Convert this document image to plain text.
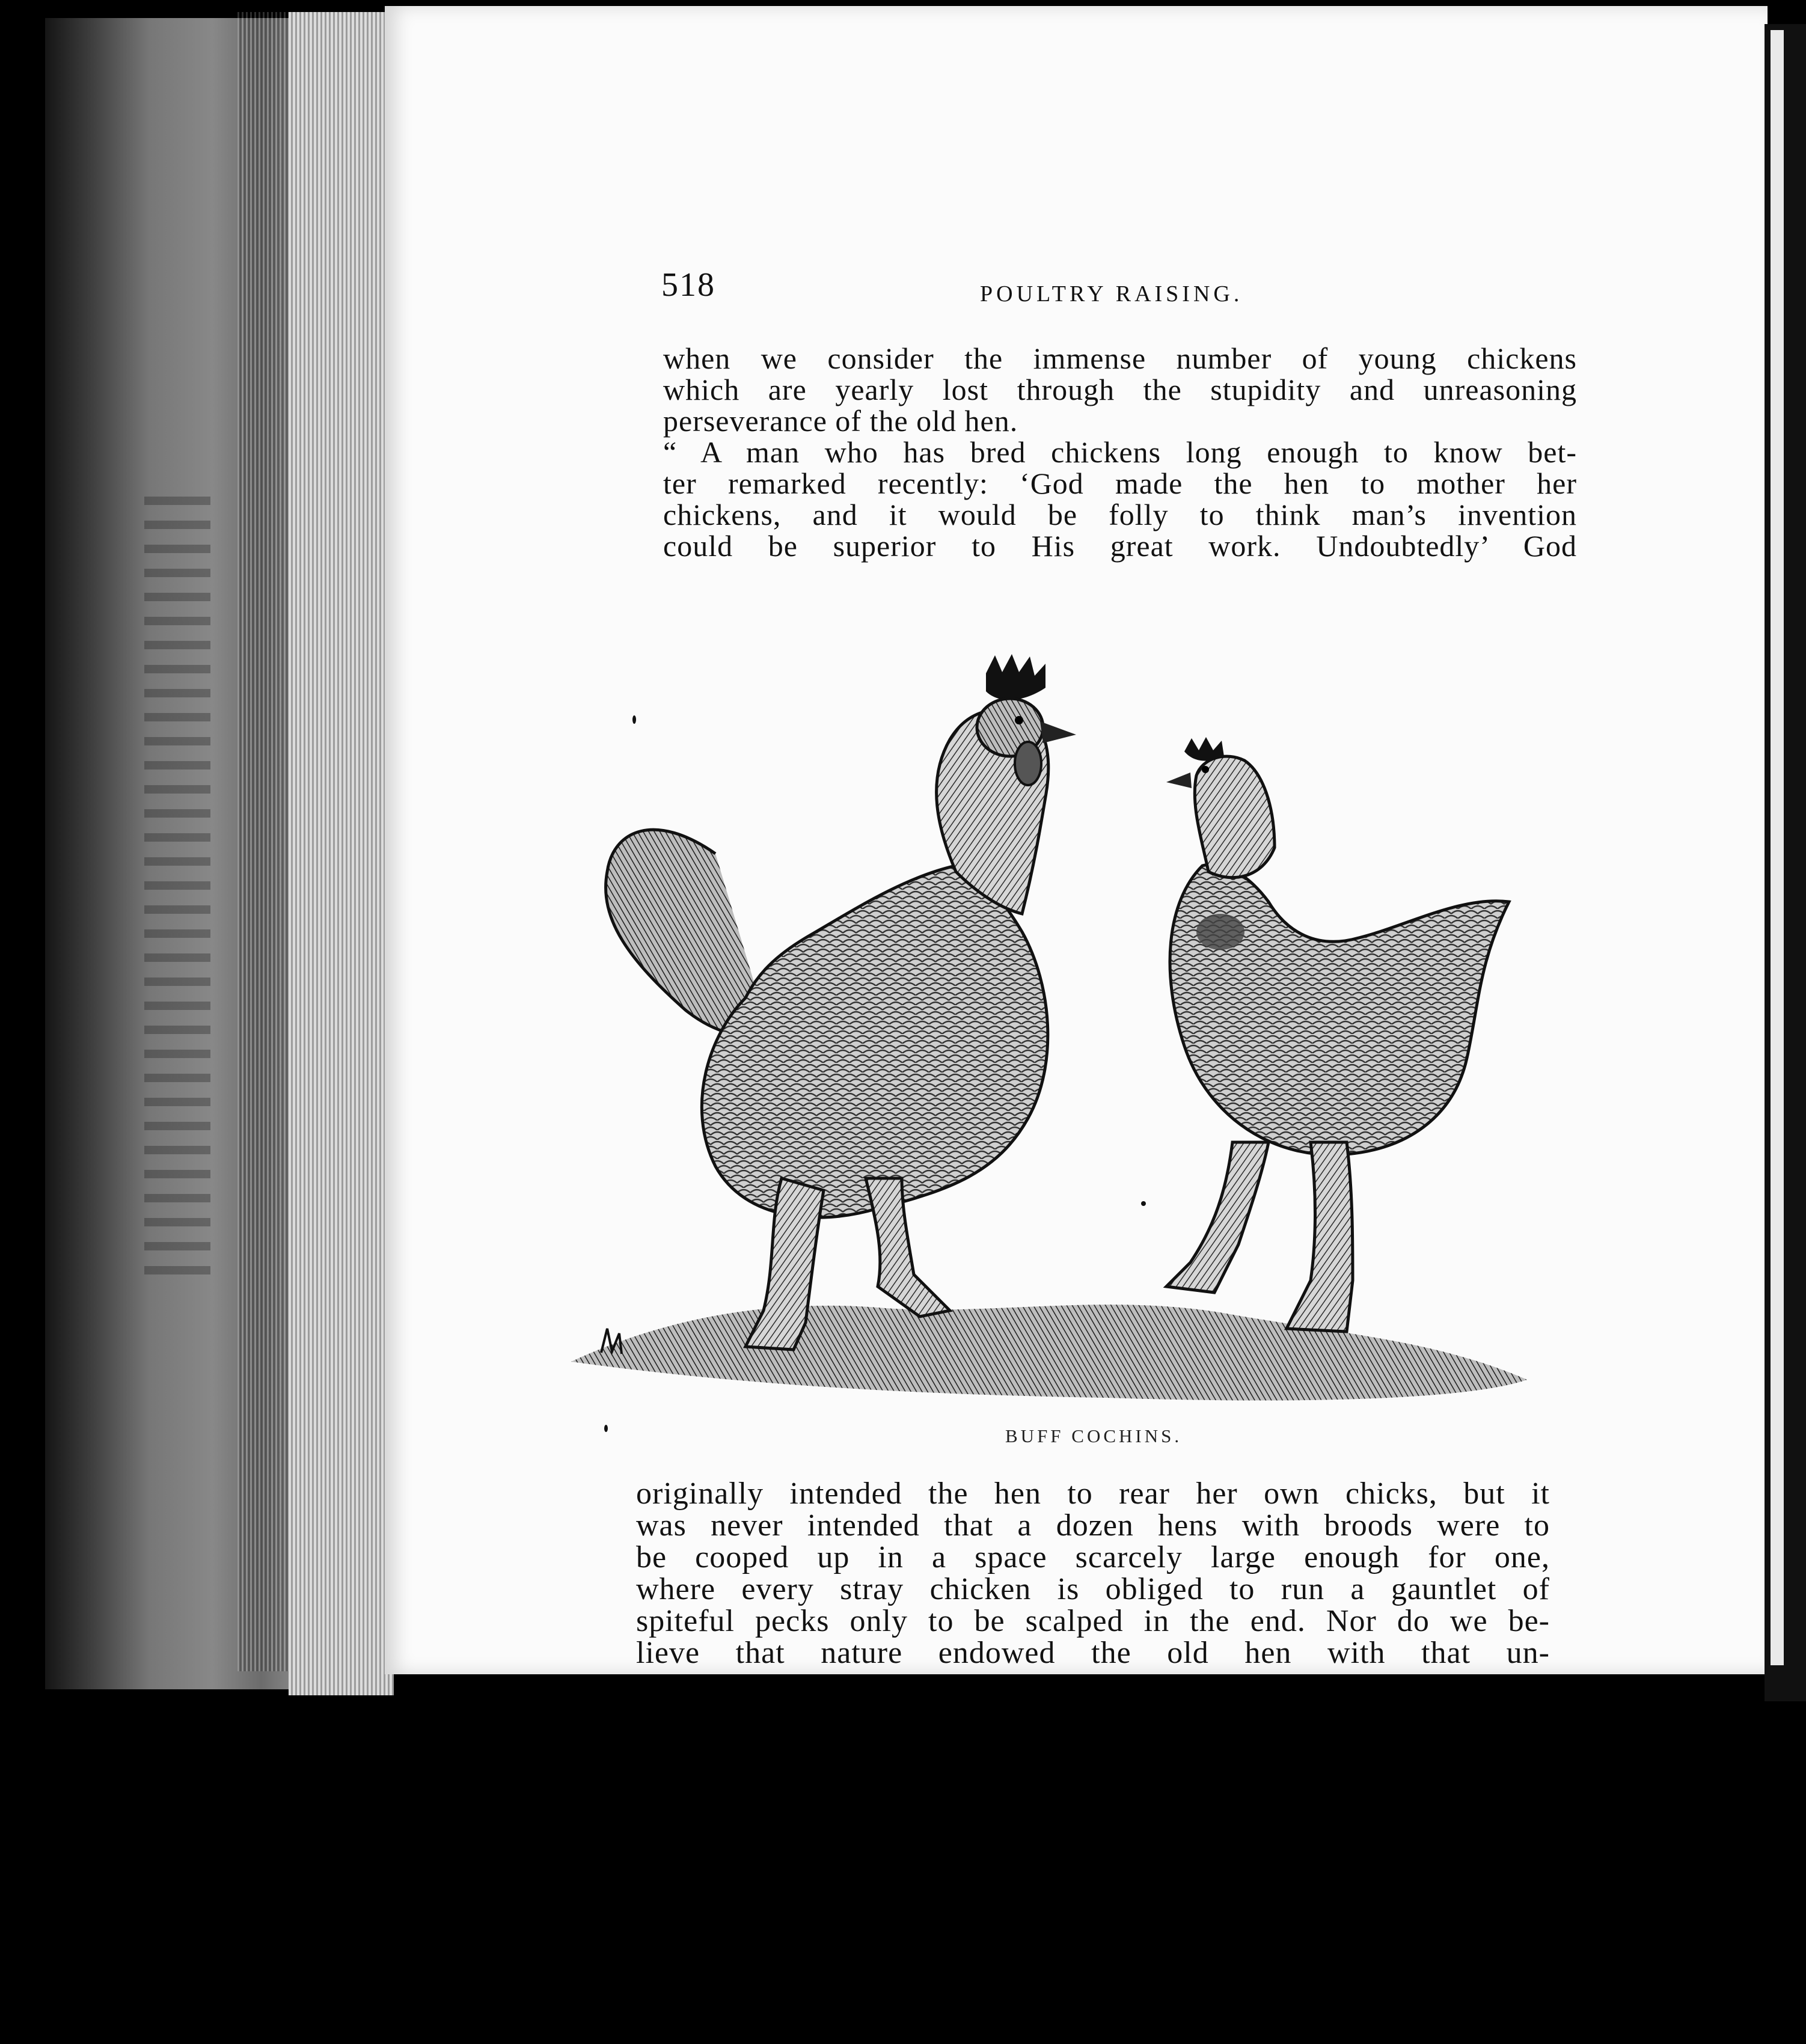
518	POULTRY RAISING.
when we consider the immense number of young chickens
which are yearly lost through the stupidity and unreasoning
perseverance of the old hen.
“ A man who has bred chickens long enough to know bet-
ter remarked recently: ‘God made the hen to mother her
chickens, and it would be folly to think man’s invention
could be superior to His great work. Undoubtedly’ God
BUFF COCHINS.
originally intended the hen to rear her own chicks, but it
was never intended that a dozen hens with broods were to
be cooped up in a space scarcely large enough for one,
where every stray chicken is obliged to run a gauntlet of
spiteful pecks only to be scalped in the end. Nor do we be-
lieve that nature endowed the old hen with that un-
